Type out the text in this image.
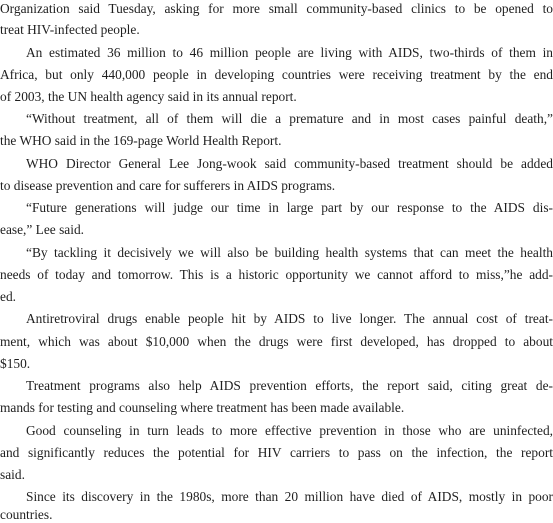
Organization said Tuesday, asking for more small community-based clinics to be opened to
treat HIV-infected people.
An estimated 36 million to 46 million people are living with AIDS, two-thirds of them in
Africa, but only 440,000 people in developing countries were receiving treatment by the end
of 2003, the UN health agency said in its annual report.
“Without treatment, all of them will die a premature and in most cases painful death,”
the WHO said in the 169-page World Health Report.
WHO Director General Lee Jong-wook said community-based treatment should be added
to disease prevention and care for sufferers in AIDS programs.
“Future generations will judge our time in large part by our response to the AIDS dis-
ease,” Lee said.
“By tackling it decisively we will also be building health systems that can meet the health
needs of today and tomorrow. This is a historic opportunity we cannot afford to miss,”he add-
ed.
Antiretroviral drugs enable people hit by AIDS to live longer. The annual cost of treat-
ment, which was about $10,000 when the drugs were first developed, has dropped to about
$150.
Treatment programs also help AIDS prevention efforts, the report said, citing great de-
mands for testing and counseling where treatment has been made available.
Good counseling in turn leads to more effective prevention in those who are uninfected,
and significantly reduces the potential for HIV carriers to pass on the infection, the report
said.
Since its discovery in the 1980s, more than 20 million have died of AIDS, mostly in poor
countries.
